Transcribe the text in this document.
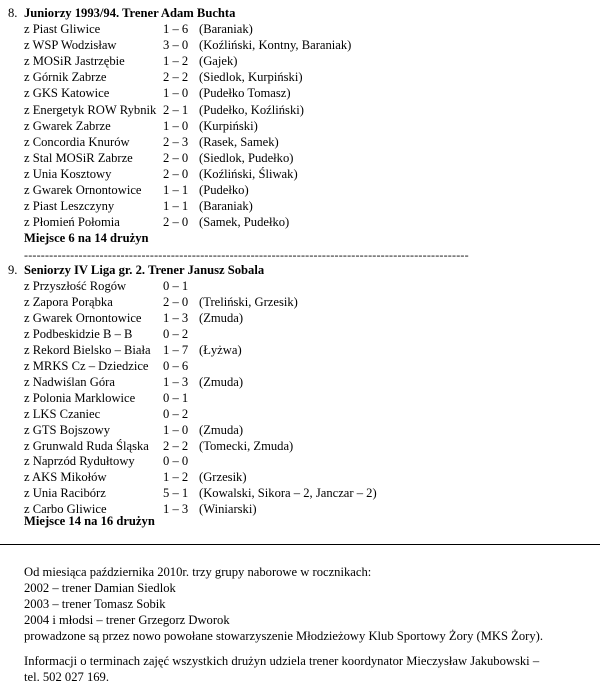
8. Juniorzy 1993/94. Trener Adam Buchta
z Piast Gliwice	1 – 6 (Baraniak)
z WSP Wodzisław	3 – 0 (Koźliński, Kontny, Baraniak)
z MOSiR Jastrzębie	1 – 2 (Gajek)
z Górnik Zabrze	2 – 2 (Siedlok, Kurpiński)
z GKS Katowice	1 – 0 (Pudełko Tomasz)
z Energetyk ROW Rybnik 2 – 1 (Pudełko, Koźliński)
z Gwarek Zabrze	1 – 0 (Kurpiński)
z Concordia Knurów	2 – 3 (Rasek, Samek)
z Stal MOSiR Zabrze 2 – 0 (Siedlok, Pudełko)
z Unia Kosztowy	2 – 0 (Koźliński, Śliwak)
z Gwarek Ornontowice 1 – 1 (Pudełko)
z Piast Leszczyny	1 – 1 (Baraniak)
z Płomień Połomia	2 – 0 (Samek, Pudełko)
Miejsce 6 na 14 drużyn
----------------------------------------------------------------------------------------------------------
9. Seniorzy IV Liga gr. 2. Trener Janusz Sobala
z Przyszłość Rogów	0 – 1
z Zapora Porąbka	2 – 0 (Treliński, Grzesik)
z Gwarek Ornontowice 1 – 3 (Zmuda)
z Podbeskidzie B – B 0 – 2
z Rekord Bielsko – Biała 1 – 7 (Łyżwa)
z MRKS Cz – Dziedzice 0 – 6
z Nadwiślan Góra	1 – 3 (Zmuda)
z Polonia Marklowice 0 – 1
z LKS Czaniec	0 – 2
z GTS Bojszowy	1 – 0 (Zmuda)
z Grunwald Ruda Śląska 2 – 2 (Tomecki, Zmuda)
z Naprzód Rydułtowy 0 – 0
z AKS Mikołów	1 – 2 (Grzesik)
z Unia Racibórz	5 – 1 (Kowalski, Sikora – 2, Janczar – 2)
z Carbo Gliwice	1 – 3 (Winiarski)
Miejsce 14 na 16 drużyn
Od miesiąca października 2010r. trzy grupy naborowe w rocznikach:
2002 – trener Damian Siedlok
2003 – trener Tomasz Sobik
2004 i młodsi – trener Grzegorz Dworok
prowadzone są przez nowo powołane stowarzyszenie Młodzieżowy Klub Sportowy Żory (MKS Żory).
Informacji o terminach zajęć wszystkich drużyn udziela trener koordynator Mieczysław Jakubowski –
tel. 502 027 169.
